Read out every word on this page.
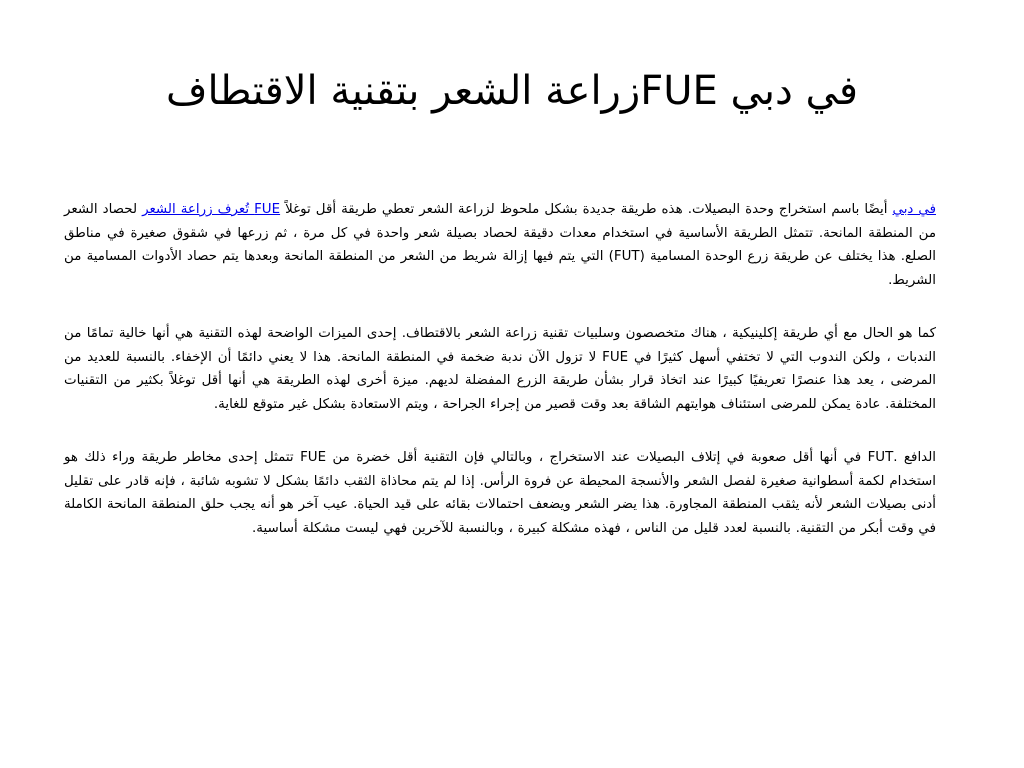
في دبي FUEزراعة الشعر بتقنية الاقتطاف

في دبي أيضًا باسم استخراج وحدة البصيلات. هذه طريقة جديدة بشكل ملحوظ لزراعة الشعر تعطي طريقة أقل توغلاً FUE تُعرف زراعة الشعر لحصاد الشعر من المنطقة المانحة. تتمثل الطريقة الأساسية في استخدام معدات دقيقة لحصاد بصيلة شعر واحدة في كل مرة ، ثم زرعها في شقوق صغيرة في مناطق الصلع. هذا يختلف عن طريقة زرع الوحدة المسامية (FUT) التي يتم فيها إزالة شريط من الشعر من المنطقة المانحة وبعدها يتم حصاد الأدوات المسامية من الشريط.

كما هو الحال مع أي طريقة إكلينيكية ، هناك متخصصون وسلبيات تقنية زراعة الشعر بالاقتطاف. إحدى الميزات الواضحة لهذه التقنية هي أنها خالية تمامًا من الندبات ، ولكن الندوب التي لا تختفي أسهل كثيرًا في FUE لا تزول الآن ندبة ضخمة في المنطقة المانحة. هذا لا يعني دائمًا أن الإخفاء. بالنسبة للعديد من المرضى ، يعد هذا عنصرًا تعريفيًا كبيرًا عند اتخاذ قرار بشأن طريقة الزرع المفضلة لديهم. ميزة أخرى لهذه الطريقة هي أنها أقل توغلاً بكثير من التقنيات المختلفة. عادة يمكن للمرضى استئناف هوايتهم الشاقة بعد وقت قصير من إجراء الجراحة ، ويتم الاستعادة بشكل غير متوقع للغاية.

الدافع .FUT في أنها أقل صعوبة في إتلاف البصيلات عند الاستخراج ، وبالتالي فإن التقنية أقل خضرة من FUE تتمثل إحدى مخاطر طريقة وراء ذلك هو استخدام لكمة أسطوانية صغيرة لفصل الشعر والأنسجة المحيطة عن فروة الرأس. إذا لم يتم محاذاة الثقب دائمًا بشكل لا تشوبه شائبة ، فإنه قادر على تقليل أدنى بصيلات الشعر لأنه يثقب المنطقة المجاورة. هذا يضر الشعر ويضعف احتمالات بقائه على قيد الحياة. عيب آخر هو أنه يجب حلق المنطقة المانحة الكاملة في وقت أبكر من التقنية. بالنسبة لعدد قليل من الناس ، فهذه مشكلة كبيرة ، وبالنسبة للآخرين فهي ليست مشكلة أساسية.
